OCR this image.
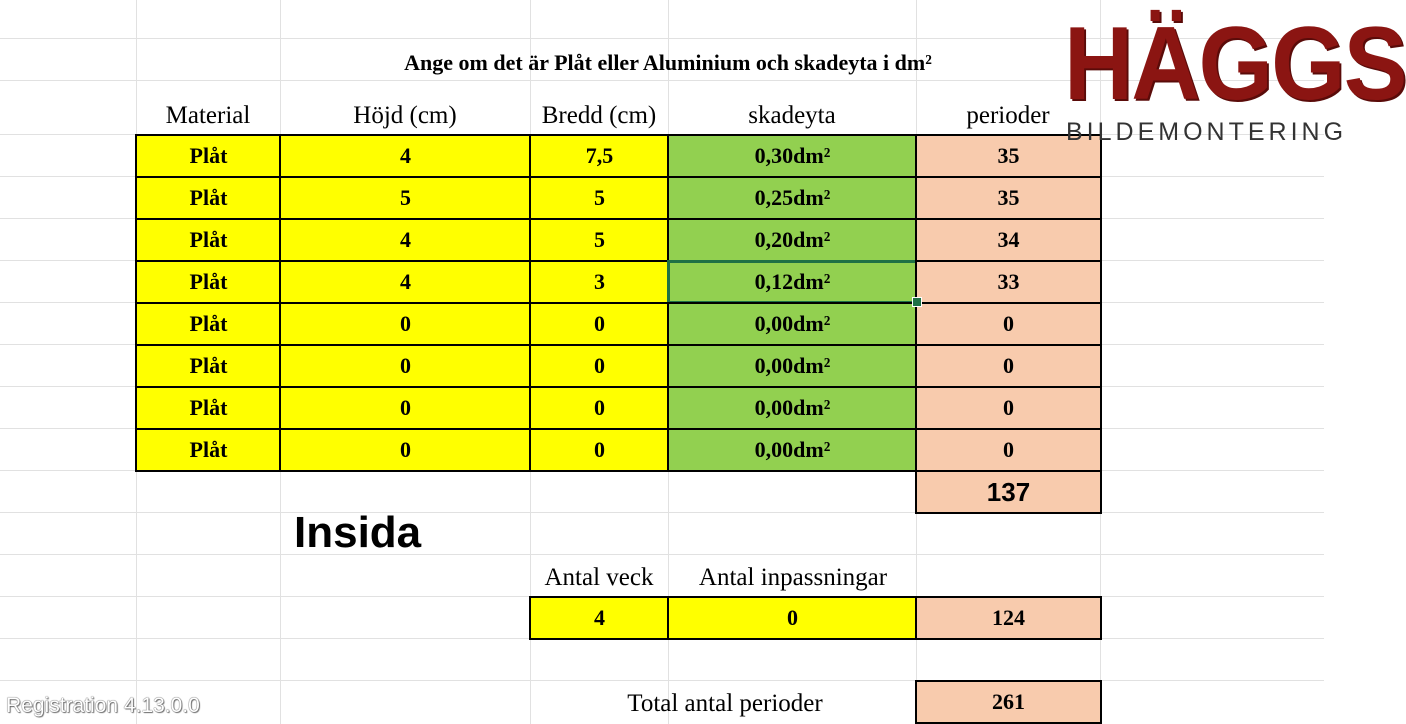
Ange om det är Plåt eller Aluminium och skadeyta i dm²
Material	Höjd (cm)	Bredd (cm)	skadeyta	perioder
Plåt	4	7,5	0,30dm²	35
Plåt	5	5	0,25dm²	35
Plåt	4	5	0,20dm²	34
Plåt	4	3	0,12dm²	33
Plåt	0	0	0,00dm²	0
Plåt	0	0	0,00dm²	0
Plåt	0	0	0,00dm²	0
Plåt	0	0	0,00dm²	0
137
Insida
Antal veck	Antal inpassningar
4	0	124
Total antal perioder	261
HÄGGS
BILDEMONTERING
Registration 4.13.0.0
